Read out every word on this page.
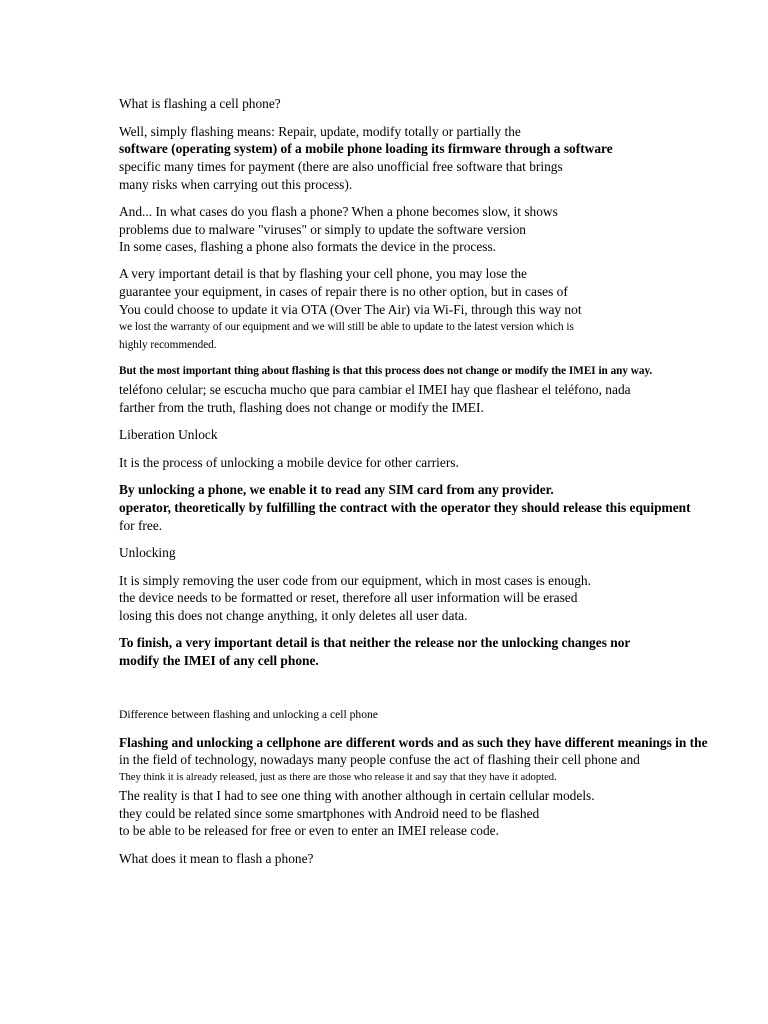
What is flashing a cell phone?
Well, simply flashing means: Repair, update, modify totally or partially the
software (operating system) of a mobile phone loading its firmware through a software
specific many times for payment (there are also unofficial free software that brings
many risks when carrying out this process).
And... In what cases do you flash a phone? When a phone becomes slow, it shows
problems due to malware "viruses" or simply to update the software version
In some cases, flashing a phone also formats the device in the process.
A very important detail is that by flashing your cell phone, you may lose the
guarantee your equipment, in cases of repair there is no other option, but in cases of
You could choose to update it via OTA (Over The Air) via Wi-Fi, through this way not
we lost the warranty of our equipment and we will still be able to update to the latest version which is
highly recommended.
But the most important thing about flashing is that this process does not change or modify the IMEI in any way.
teléfono celular; se escucha mucho que para cambiar el IMEI hay que flashear el teléfono, nada
farther from the truth, flashing does not change or modify the IMEI.
Liberation Unlock
It is the process of unlocking a mobile device for other carriers.
By unlocking a phone, we enable it to read any SIM card from any provider.
operator, theoretically by fulfilling the contract with the operator they should release this equipment
for free.
Unlocking
It is simply removing the user code from our equipment, which in most cases is enough.
the device needs to be formatted or reset, therefore all user information will be erased
losing this does not change anything, it only deletes all user data.
To finish, a very important detail is that neither the release nor the unlocking changes nor
modify the IMEI of any cell phone.
Difference between flashing and unlocking a cell phone
Flashing and unlocking a cellphone are different words and as such they have different meanings in the
in the field of technology, nowadays many people confuse the act of flashing their cell phone and
They think it is already released, just as there are those who release it and say that they have it adopted.
The reality is that I had to see one thing with another although in certain cellular models.
they could be related since some smartphones with Android need to be flashed
to be able to be released for free or even to enter an IMEI release code.
What does it mean to flash a phone?
